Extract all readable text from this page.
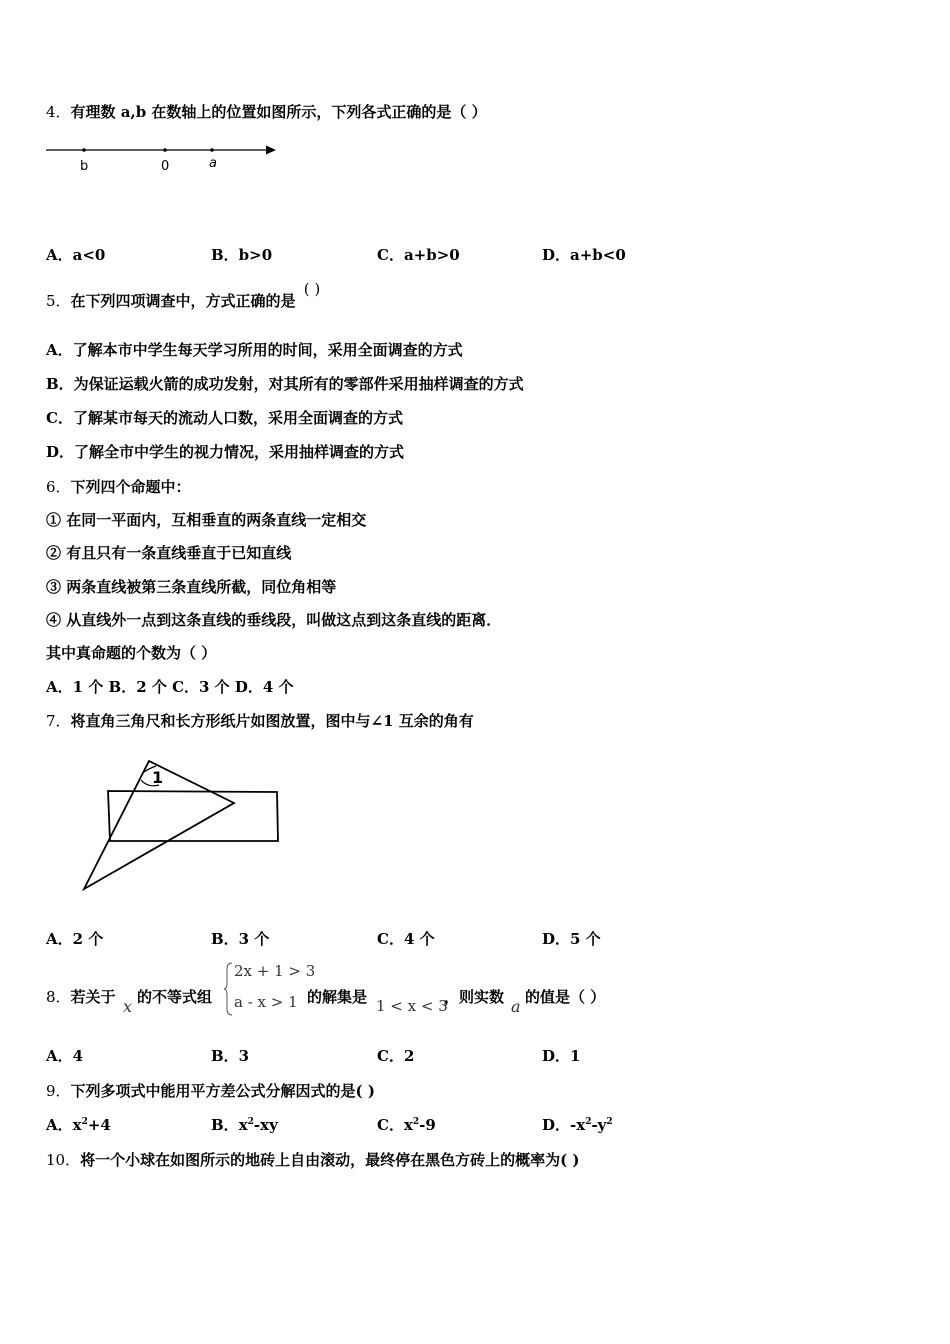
4．有理数 a,b 在数轴上的位置如图所示，下列各式正确的是（ ）
b	0	a
A．a<0	B．b>0	C．a+b>0	D．a+b<0
5．在下列四项调查中，方式正确的是 ( )
A．了解本市中学生每天学习所用的时间，采用全面调查的方式
B．为保证运载火箭的成功发射，对其所有的零部件采用抽样调查的方式
C．了解某市每天的流动人口数，采用全面调查的方式
D．了解全市中学生的视力情况，采用抽样调查的方式
6．下列四个命题中：
① 在同一平面内，互相垂直的两条直线一定相交
② 有且只有一条直线垂直于已知直线
③ 两条直线被第三条直线所截，同位角相等
④ 从直线外一点到这条直线的垂线段，叫做这点到这条直线的距离．
其中真命题的个数为（ ）
A．1 个 B．2 个 C．3 个 D．4 个
7．将直角三角尺和长方形纸片如图放置，图中与∠1 互余的角有
1
A．2 个	B．3 个	C．4 个	D．5 个
8．若关于 x 的不等式组
2x + 1 > 3
a - x > 1 的解集是 1 < x < 3
，则实数 a 的值是（ ）
A．4	B．3	C．2	D．1
9．下列多项式中能用平方差公式分解因式的是( )
A．$x^2+4$	B．$x^2-xy$	C．$x^2-9$	D．$-x^2-y^2$
10．将一个小球在如图所示的地砖上自由滚动，最终停在黑色方砖上的概率为( )
